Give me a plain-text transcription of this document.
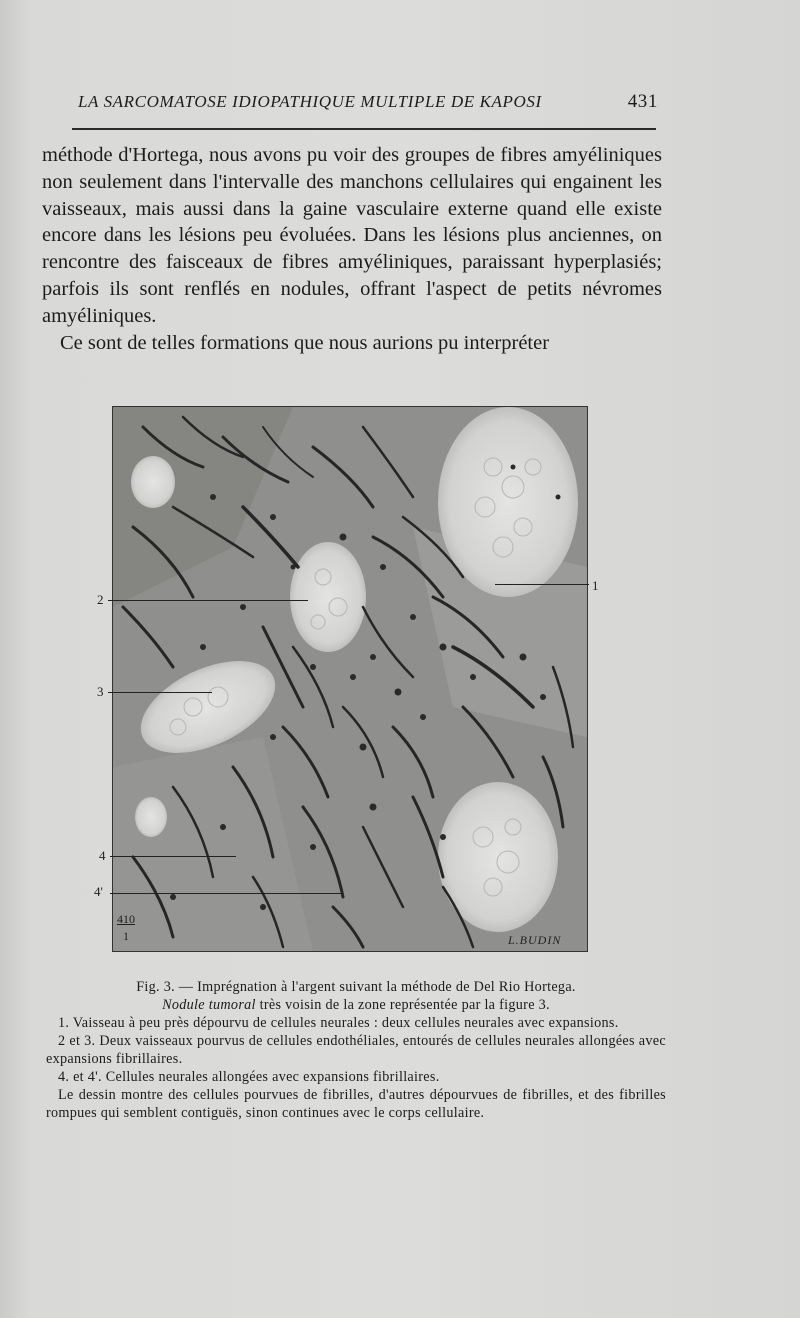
LA SARCOMATOSE IDIOPATHIQUE MULTIPLE DE KAPOSI	431

méthode d'Hortega, nous avons pu voir des groupes de fibres amyéliniques non seulement dans l'intervalle des manchons cellulaires qui engainent les vaisseaux, mais aussi dans la gaine vasculaire externe quand elle existe encore dans les lésions peu évoluées. Dans les lésions plus anciennes, on rencontre des faisceaux de fibres amyéliniques, paraissant hyperplasiés; parfois ils sont renflés en nodules, offrant l'aspect de petits névromes amyéliniques.

Ce sont de telles formations que nous aurions pu interpréter

410
1	L.BUDIN
2
3
1
4
4'

Fig. 3. — Imprégnation à l'argent suivant la méthode de Del Rio Hortega.

Nodule tumoral très voisin de la zone représentée par la figure 3.

1. Vaisseau à peu près dépourvu de cellules neurales : deux cellules neurales avec expansions.

2 et 3. Deux vaisseaux pourvus de cellules endothéliales, entourés de cellules neurales allongées avec expansions fibrillaires.

4. et 4'. Cellules neurales allongées avec expansions fibrillaires.

Le dessin montre des cellules pourvues de fibrilles, d'autres dépourvues de fibrilles, et des fibrilles rompues qui semblent contiguës, sinon continues avec le corps cellulaire.
